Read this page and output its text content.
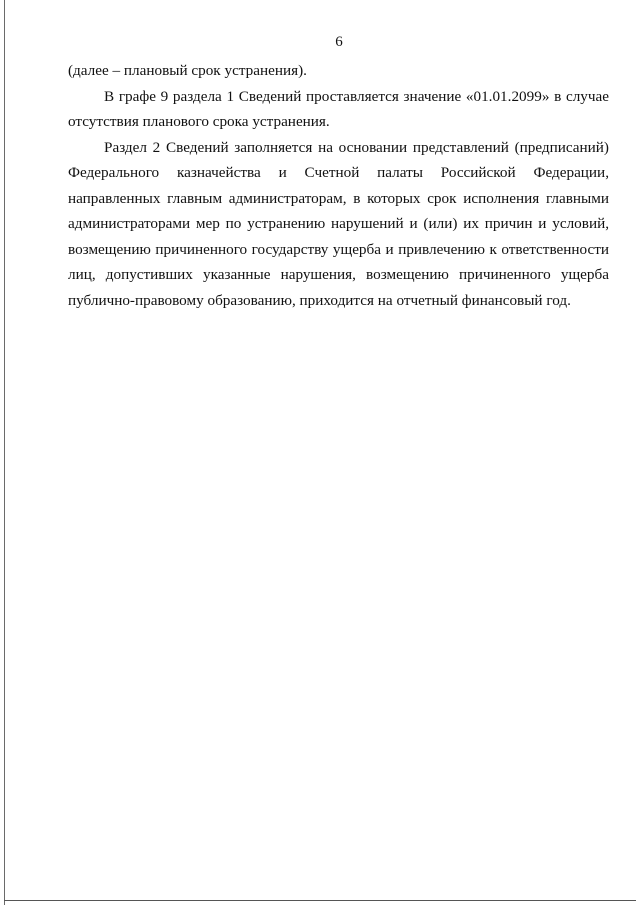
6

(далее – плановый срок устранения).

В графе 9 раздела 1 Сведений проставляется значение «01.01.2099» в случае отсутствия планового срока устранения.

Раздел 2 Сведений заполняется на основании представлений (предписаний) Федерального казначейства и Счетной палаты Российской Федерации, направленных главным администраторам, в которых срок исполнения главными администраторами мер по устранению нарушений и (или) их причин и условий, возмещению причиненного государству ущерба и привлечению к ответственности лиц, допустивших указанные нарушения, возмещению причиненного ущерба публично-правовому образованию, приходится на отчетный финансовый год.
